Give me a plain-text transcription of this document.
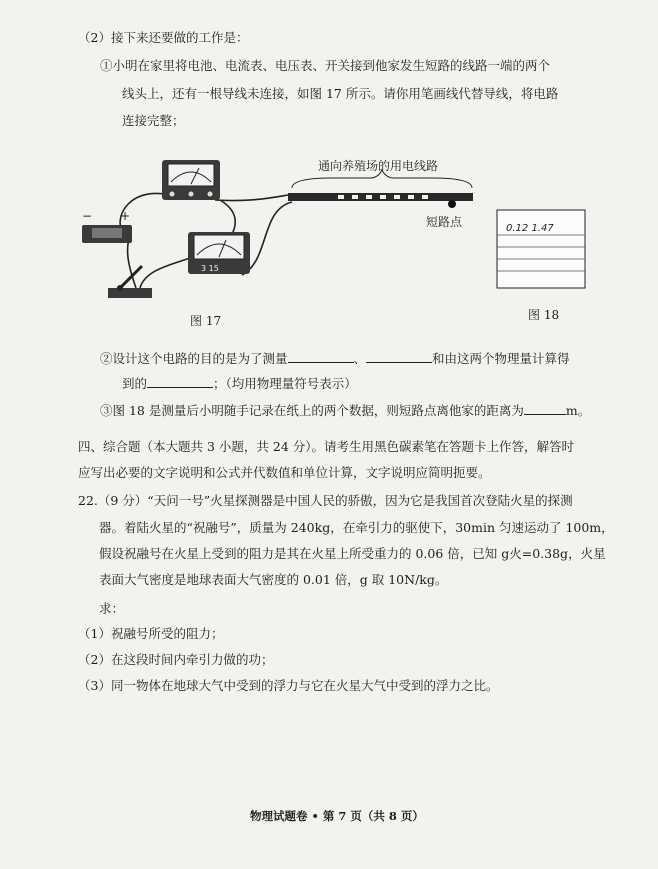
（2）接下来还要做的工作是：
①小明在家里将电池、电流表、电压表、开关接到他家发生短路的线路一端的两个
线头上，还有一根导线未连接，如图 17 所示。请你用笔画线代替导线，将电路
连接完整；
3 15
− +
通向养殖场的用电线路
短路点
图 17
0.12 1.47
图 18
②设计这个电路的目的是为了测量	、	和由这两个物理量计算得
到的	；（均用物理量符号表示）
③图 18 是测量后小明随手记录在纸上的两个数据，则短路点离他家的距离为	m。
四、综合题（本大题共 3 小题，共 24 分）。请考生用黑色碳素笔在答题卡上作答，解答时
应写出必要的文字说明和公式并代数值和单位计算，文字说明应简明扼要。
22.（9 分）“天问一号”火星探测器是中国人民的骄傲，因为它是我国首次登陆火星的探测
器。着陆火星的“祝融号”，质量为 240kg，在牵引力的驱使下，30min 匀速运动了 100m，
假设祝融号在火星上受到的阻力是其在火星上所受重力的 0.06 倍，已知 g火=0.38g，火星
表面大气密度是地球表面大气密度的 0.01 倍，g 取 10N/kg。
求：
（1）祝融号所受的阻力；
（2）在这段时间内牵引力做的功；
（3）同一物体在地球大气中受到的浮力与它在火星大气中受到的浮力之比。
物理试题卷 • 第 7 页（共 8 页）
